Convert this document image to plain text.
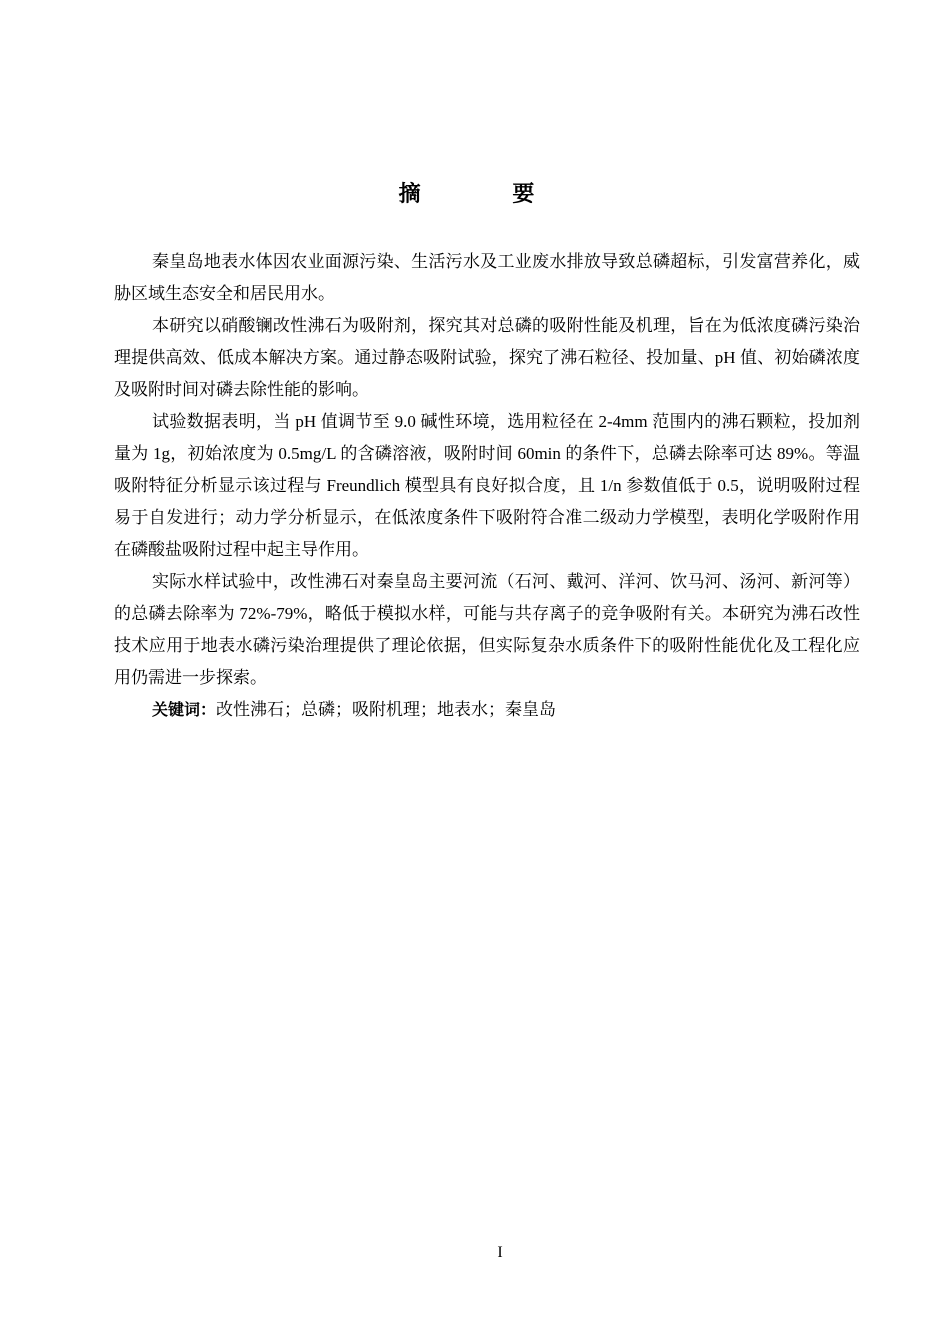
摘 要

秦皇岛地表水体因农业面源污染、生活污水及工业废水排放导致总磷超标，引发富营养化，威胁区域生态安全和居民用水。

本研究以硝酸镧改性沸石为吸附剂，探究其对总磷的吸附性能及机理，旨在为低浓度磷污染治理提供高效、低成本解决方案。通过静态吸附试验，探究了沸石粒径、投加量、pH 值、初始磷浓度及吸附时间对磷去除性能的影响。

试验数据表明，当 pH 值调节至 9.0 碱性环境，选用粒径在 2-4mm 范围内的沸石颗粒，投加剂量为 1g，初始浓度为 0.5mg/L 的含磷溶液，吸附时间 60min 的条件下，总磷去除率可达 89%。等温吸附特征分析显示该过程与 Freundlich 模型具有良好拟合度，且 1/n 参数值低于 0.5，说明吸附过程易于自发进行；动力学分析显示，在低浓度条件下吸附符合准二级动力学模型，表明化学吸附作用在磷酸盐吸附过程中起主导作用。

实际水样试验中，改性沸石对秦皇岛主要河流（石河、戴河、洋河、饮马河、汤河、新河等）的总磷去除率为 72%-79%，略低于模拟水样，可能与共存离子的竞争吸附有关。本研究为沸石改性技术应用于地表水磷污染治理提供了理论依据，但实际复杂水质条件下的吸附性能优化及工程化应用仍需进一步探索。

关键词：改性沸石；总磷；吸附机理；地表水；秦皇岛

I
